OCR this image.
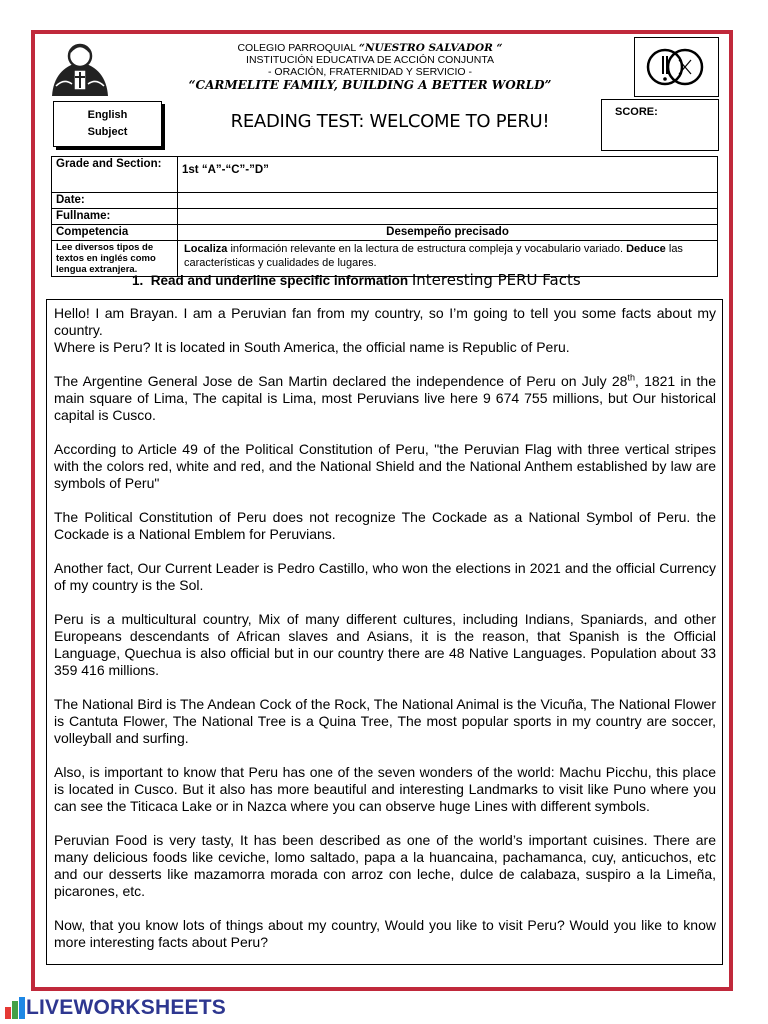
COLEGIO PARROQUIAL “NUESTRO SALVADOR “
INSTITUCIÓN EDUCATIVA DE ACCIÓN CONJUNTA
- ORACIÓN, FRATERNIDAD Y SERVICIO -
“CARMELITE FAMILY, BUILDING A BETTER WORLD”
English
Subject	READING TEST: WELCOME TO PERU!	SCORE:
Grade and Section:	1st “A”-“C”-”D”
Date:	
Fullname:	
Competencia	Desempeño precisado
Lee diversos tipos de textos en inglés como lengua extranjera.	Localiza información relevante en la lectura de estructura compleja y vocabulario variado. Deduce las características y cualidades de lugares.
1. Read and underline specific information Interesting PERU Facts

Hello! I am Brayan. I am a Peruvian fan from my country, so I’m going to tell you some facts about my country.

Where is Peru? It is located in South America, the official name is Republic of Peru.

The Argentine General Jose de San Martin declared the independence of Peru on July 28th, 1821 in the main square of Lima, The capital is Lima, most Peruvians live here 9 674 755 millions, but Our historical capital is Cusco.

According to Article 49 of the Political Constitution of Peru, "the Peruvian Flag with three vertical stripes with the colors red, white and red, and the National Shield and the National Anthem established by law are symbols of Peru"

The Political Constitution of Peru does not recognize The Cockade as a National Symbol of Peru. the Cockade is a National Emblem for Peruvians.

Another fact, Our Current Leader is Pedro Castillo, who won the elections in 2021 and the official Currency of my country is the Sol.

Peru is a multicultural country, Mix of many different cultures, including Indians, Spaniards, and other Europeans descendants of African slaves and Asians, it is the reason, that Spanish is the Official Language, Quechua is also official but in our country there are 48 Native Languages. Population about 33 359 416 millions.

The National Bird is The Andean Cock of the Rock, The National Animal is the Vicuña, The National Flower is Cantuta Flower, The National Tree is a Quina Tree, The most popular sports in my country are soccer, volleyball and surfing.

Also, is important to know that Peru has one of the seven wonders of the world: Machu Picchu, this place is located in Cusco. But it also has more beautiful and interesting Landmarks to visit like Puno where you can see the Titicaca Lake or in Nazca where you can observe huge Lines with different symbols.

Peruvian Food is very tasty, It has been described as one of the world’s important cuisines. There are many delicious foods like ceviche, lomo saltado, papa a la huancaina, pachamanca, cuy, anticuchos, etc and our desserts like mazamorra morada con arroz con leche, dulce de calabaza, suspiro a la Limeña, picarones, etc.

Now, that you know lots of things about my country, Would you like to visit Peru? Would you like to know more interesting facts about Peru?

LIVEWORKSHEETS
